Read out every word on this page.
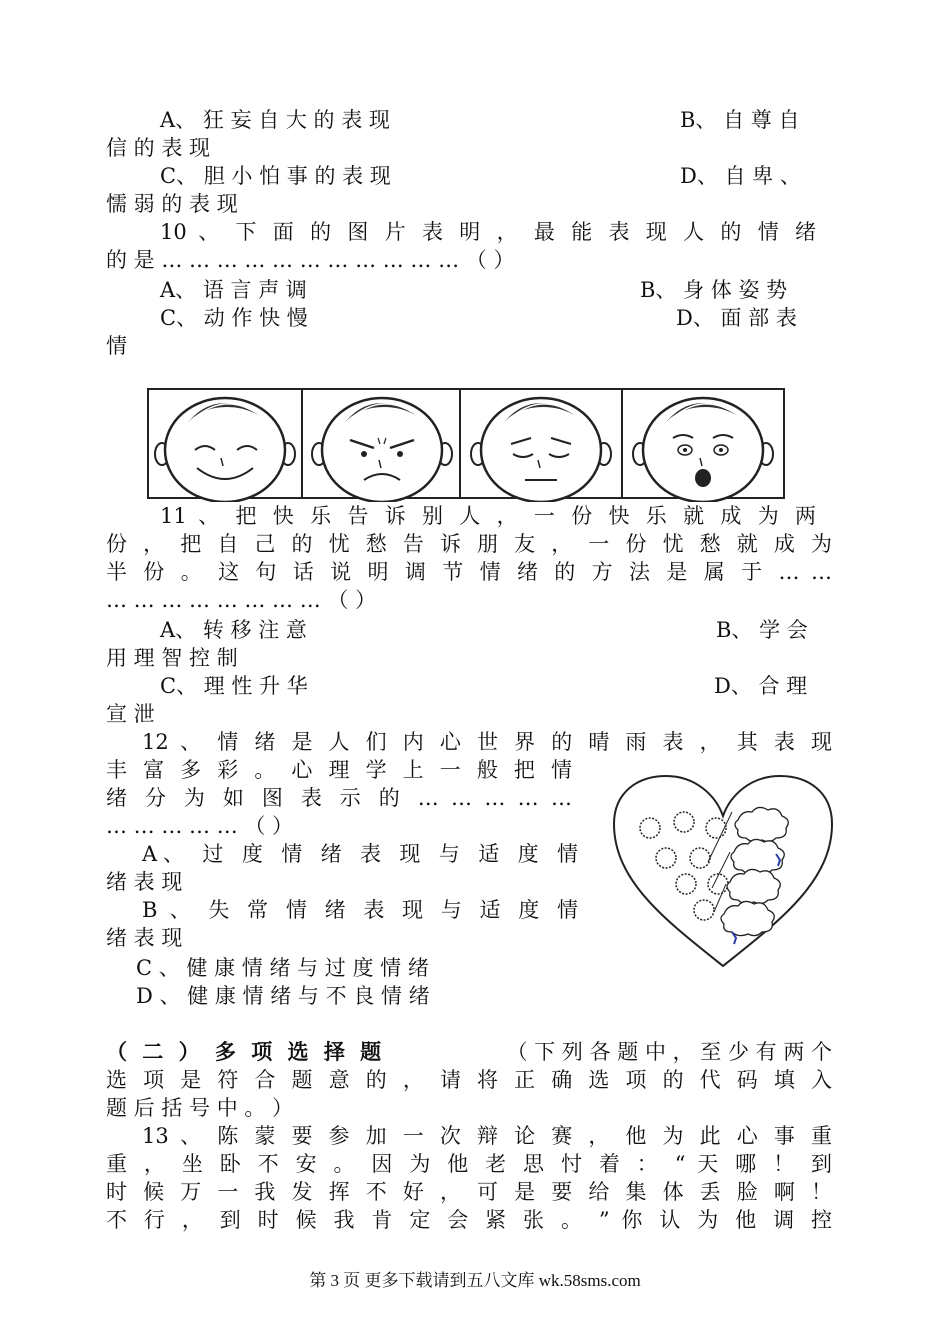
A、 狂 妄 自 大 的 表 现	B、 自 尊 自
信 的 表 现
C、 胆 小 怕 事 的 表 现	D、 自 卑 、
懦 弱 的 表 现
10 、 下 面 的 图 片 表 明 ， 最 能 表 现 人 的 情 绪
的 是 … … … … … … … … … … … （ ）
A、 语 言 声 调	B、 身 体 姿 势
C、 动 作 快 慢	D、 面 部 表
情
11 、 把 快 乐 告 诉 别 人 ， 一 份 快 乐 就 成 为 两
份 ， 把 自 己 的 忧 愁 告 诉 朋 友 ， 一 份 忧 愁 就 成 为
半 份 。 这 句 话 说 明 调 节 情 绪 的 方 法 是 属 于 … …
… … … … … … … … （ ）
A、 转 移 注 意	B、 学 会
用 理 智 控 制
C、 理 性 升 华	D、 合 理
宣 泄
12 、 情 绪 是 人 们 内 心 世 界 的 晴 雨 表 ， 其 表 现
丰 富 多 彩 。 心 理 学 上 一 般 把 情
绪 分 为 如 图 表 示 的 … … … … …
… … … … … （ ）
A、 过 度 情 绪 表 现 与 适 度 情
绪 表 现
B 、 失 常 情 绪 表 现 与 适 度 情
绪 表 现
C 、 健 康 情 绪 与 过 度 情 绪
D 、 健 康 情 绪 与 不 良 情 绪
（ 二 ） 多 项 选 择 题	（ 下 列 各 题 中 ， 至 少 有 两 个
选 项 是 符 合 题 意 的 ， 请 将 正 确 选 项 的 代 码 填 入
题 后 括 号 中 。 ）
13 、 陈 蒙 要 参 加 一 次 辩 论 赛 ， 他 为 此 心 事 重
重 ， 坐 卧 不 安 。 因 为 他 老 思 忖 着 ： “ 天 哪 ！ 到
时 候 万 一 我 发 挥 不 好 ， 可 是 要 给 集 体 丢 脸 啊 ！
不 行 ， 到 时 候 我 肯 定 会 紧 张 。 ” 你 认 为 他 调 控
第 3 页 更多下载请到五八文库 wk.58sms.com
